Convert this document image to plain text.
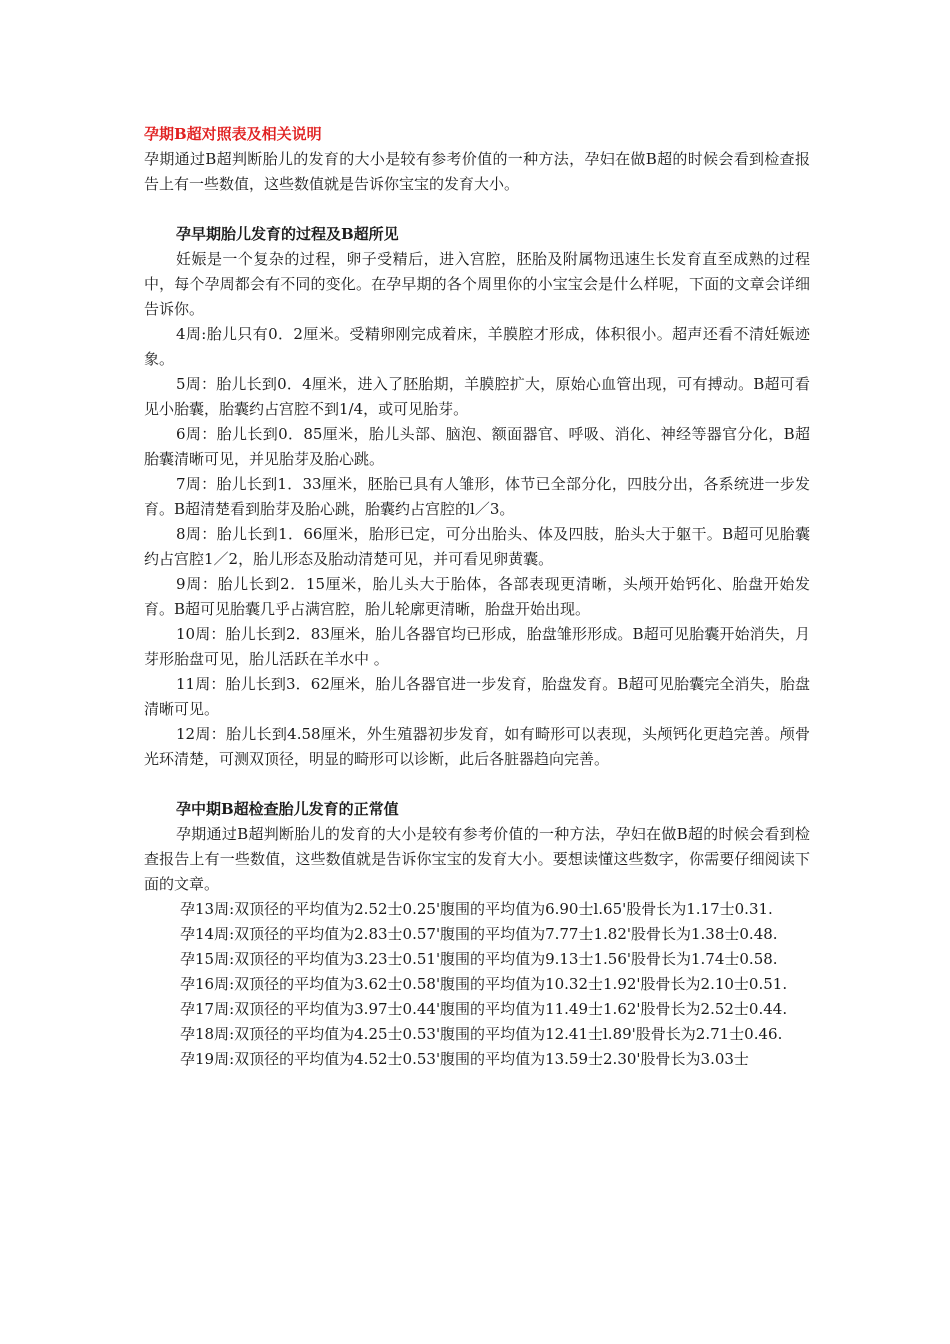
孕期B超对照表及相关说明

孕期通过B超判断胎儿的发育的大小是较有参考价值的一种方法，孕妇在做B超的时候会看到检查报告上有一些数值，这些数值就是告诉你宝宝的发育大小。

孕早期胎儿发育的过程及B超所见

妊娠是一个复杂的过程，卵子受精后，进入宫腔，胚胎及附属物迅速生长发育直至成熟的过程中，每个孕周都会有不同的变化。在孕早期的各个周里你的小宝宝会是什么样呢，下面的文章会详细告诉你。

4周:胎儿只有0．2厘米。受精卵刚完成着床，羊膜腔才形成，体积很小。超声还看不清妊娠迹象。

5周：胎儿长到0．4厘米，进入了胚胎期，羊膜腔扩大，原始心血管出现，可有搏动。B超可看见小胎囊，胎囊约占宫腔不到1/4，或可见胎芽。

6周：胎儿长到0．85厘米，胎儿头部、脑泡、额面器官、呼吸、消化、神经等器官分化，B超胎囊清晰可见，并见胎芽及胎心跳。

7周：胎儿长到1．33厘米，胚胎已具有人雏形，体节已全部分化，四肢分出，各系统进一步发育。B超清楚看到胎芽及胎心跳，胎囊约占宫腔的l／3。

8周：胎儿长到1．66厘米，胎形已定，可分出胎头、体及四肢，胎头大于躯干。B超可见胎囊约占宫腔1／2，胎儿形态及胎动清楚可见，并可看见卵黄囊。

9周：胎儿长到2．15厘米，胎儿头大于胎体，各部表现更清晰，头颅开始钙化、胎盘开始发育。B超可见胎囊几乎占满宫腔，胎儿轮廓更清晰，胎盘开始出现。

10周：胎儿长到2．83厘米，胎儿各器官均已形成，胎盘雏形形成。B超可见胎囊开始消失，月芽形胎盘可见，胎儿活跃在羊水中 。

11周：胎儿长到3．62厘米，胎儿各器官进一步发育，胎盘发育。B超可见胎囊完全消失，胎盘清晰可见。

12周：胎儿长到4.58厘米，外生殖器初步发育，如有畸形可以表现，头颅钙化更趋完善。颅骨光环清楚，可测双顶径，明显的畸形可以诊断，此后各脏器趋向完善。

孕中期B超检查胎儿发育的正常值

孕期通过B超判断胎儿的发育的大小是较有参考价值的一种方法，孕妇在做B超的时候会看到检查报告上有一些数值，这些数值就是告诉你宝宝的发育大小。要想读懂这些数字，你需要仔细阅读下面的文章。

孕13周:双顶径的平均值为2.52士0.25'腹围的平均值为6.90士l.65'股骨长为1.17士0.31.

孕14周:双顶径的平均值为2.83士0.57'腹围的平均值为7.77士1.82'股骨长为1.38士0.48.

孕15周:双顶径的平均值为3.23士0.51'腹围的平均值为9.13士1.56'股骨长为1.74士0.58.

孕16周:双顶径的平均值为3.62士0.58'腹围的平均值为10.32士1.92'股骨长为2.10士0.51.

孕17周:双顶径的平均值为3.97士0.44'腹围的平均值为11.49士1.62'股骨长为2.52士0.44.

孕18周:双顶径的平均值为4.25士0.53'腹围的平均值为12.41士l.89'股骨长为2.71士0.46.

孕19周:双顶径的平均值为4.52士0.53'腹围的平均值为13.59士2.30'股骨长为3.03士
